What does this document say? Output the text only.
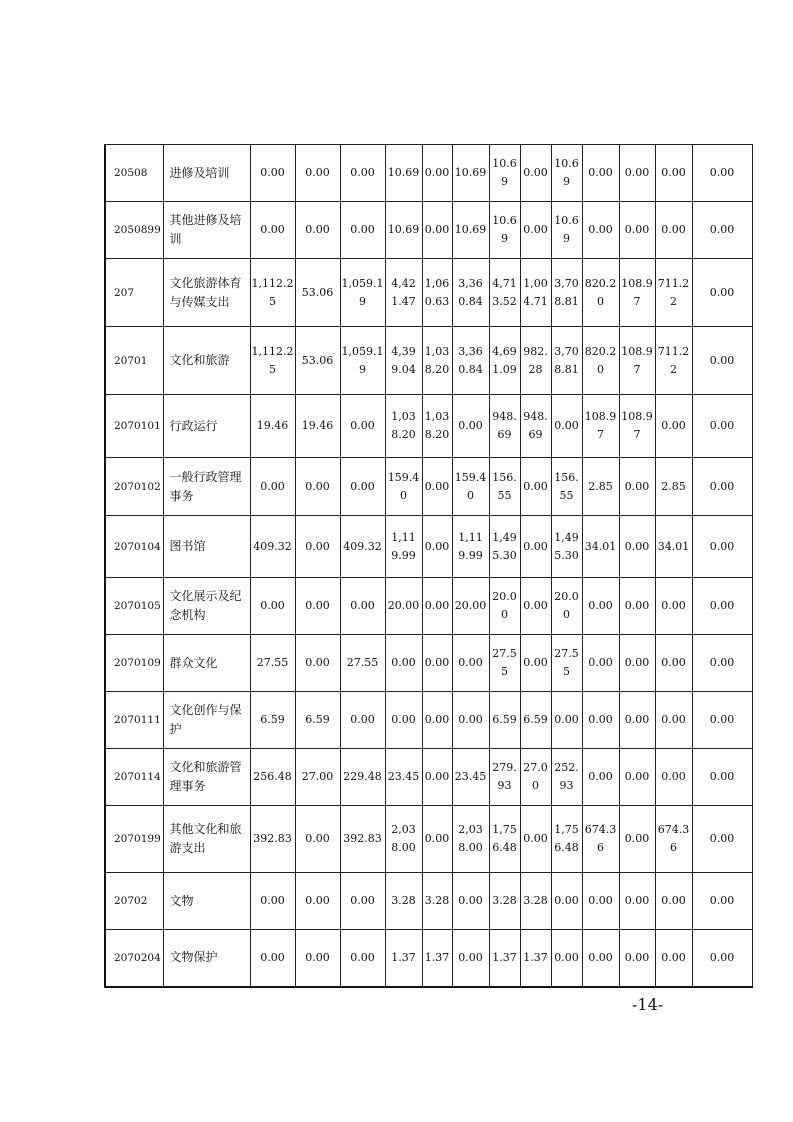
20508	进修及培训	0.00	0.00	0.00	10.69	0.00	10.69	10.69	0.00	10.69	0.00	0.00	0.00	0.00
2050899	其他进修及培训	0.00	0.00	0.00	10.69	0.00	10.69	10.69	0.00	10.69	0.00	0.00	0.00	0.00
207	文化旅游体育与传媒支出	1,112.25	53.06	1,059.19	4,421.47	1,060.63	3,360.84	4,713.52	1,004.71	3,708.81	820.20	108.97	711.22	0.00
20701	文化和旅游	1,112.25	53.06	1,059.19	4,399.04	1,038.20	3,360.84	4,691.09	982.28	3,708.81	820.20	108.97	711.22	0.00
2070101	行政运行	19.46	19.46	0.00	1,038.20	1,038.20	0.00	948.69	948.69	0.00	108.97	108.97	0.00	0.00
2070102	一般行政管理事务	0.00	0.00	0.00	159.40	0.00	159.40	156.55	0.00	156.55	2.85	0.00	2.85	0.00
2070104	图书馆	409.32	0.00	409.32	1,119.99	0.00	1,119.99	1,495.30	0.00	1,495.30	34.01	0.00	34.01	0.00
2070105	文化展示及纪念机构	0.00	0.00	0.00	20.00	0.00	20.00	20.00	0.00	20.00	0.00	0.00	0.00	0.00
2070109	群众文化	27.55	0.00	27.55	0.00	0.00	0.00	27.55	0.00	27.55	0.00	0.00	0.00	0.00
2070111	文化创作与保护	6.59	6.59	0.00	0.00	0.00	0.00	6.59	6.59	0.00	0.00	0.00	0.00	0.00
2070114	文化和旅游管理事务	256.48	27.00	229.48	23.45	0.00	23.45	279.93	27.00	252.93	0.00	0.00	0.00	0.00
2070199	其他文化和旅游支出	392.83	0.00	392.83	2,038.00	0.00	2,038.00	1,756.48	0.00	1,756.48	674.36	0.00	674.36	0.00
20702	文物	0.00	0.00	0.00	3.28	3.28	0.00	3.28	3.28	0.00	0.00	0.00	0.00	0.00
2070204	文物保护	0.00	0.00	0.00	1.37	1.37	0.00	1.37	1.37	0.00	0.00	0.00	0.00	0.00
-14-
